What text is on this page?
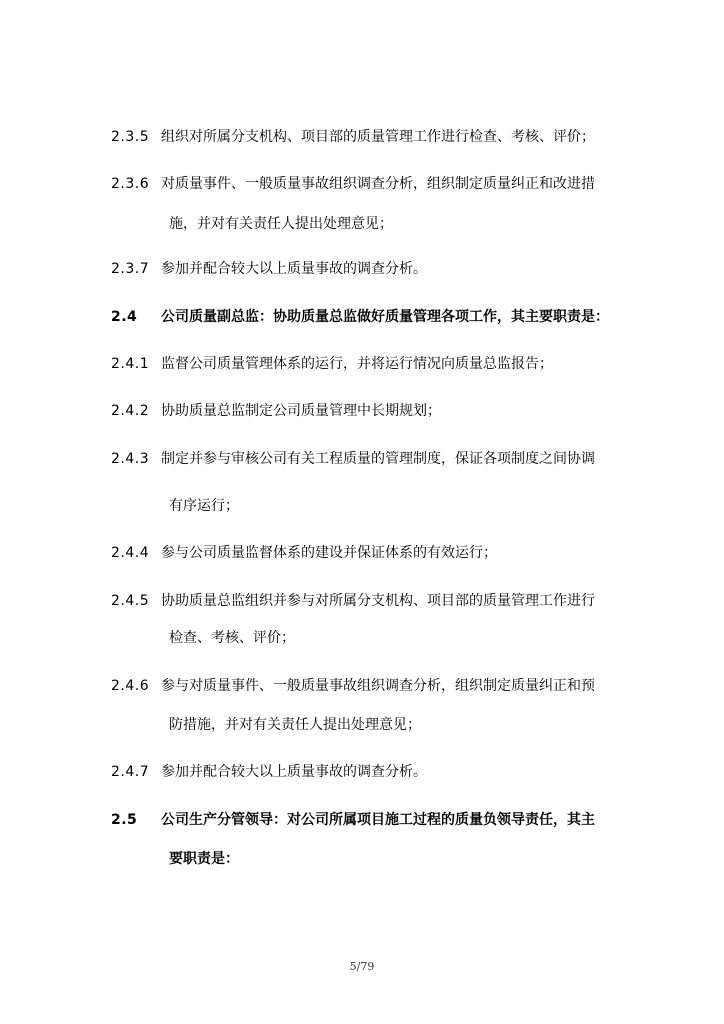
2.3.5 组织对所属分支机构、项目部的质量管理工作进行检查、考核、评价；
2.3.6 对质量事件、一般质量事故组织调查分析，组织制定质量纠正和改进措
施，并对有关责任人提出处理意见；
2.3.7 参加并配合较大以上质量事故的调查分析。
2.4 公司质量副总监：协助质量总监做好质量管理各项工作，其主要职责是：
2.4.1 监督公司质量管理体系的运行，并将运行情况向质量总监报告；
2.4.2 协助质量总监制定公司质量管理中长期规划；
2.4.3 制定并参与审核公司有关工程质量的管理制度，保证各项制度之间协调
有序运行；
2.4.4 参与公司质量监督体系的建设并保证体系的有效运行；
2.4.5 协助质量总监组织并参与对所属分支机构、项目部的质量管理工作进行
检查、考核、评价；
2.4.6 参与对质量事件、一般质量事故组织调查分析，组织制定质量纠正和预
防措施，并对有关责任人提出处理意见；
2.4.7 参加并配合较大以上质量事故的调查分析。
2.5 公司生产分管领导：对公司所属项目施工过程的质量负领导责任，其主
要职责是：
5/79
